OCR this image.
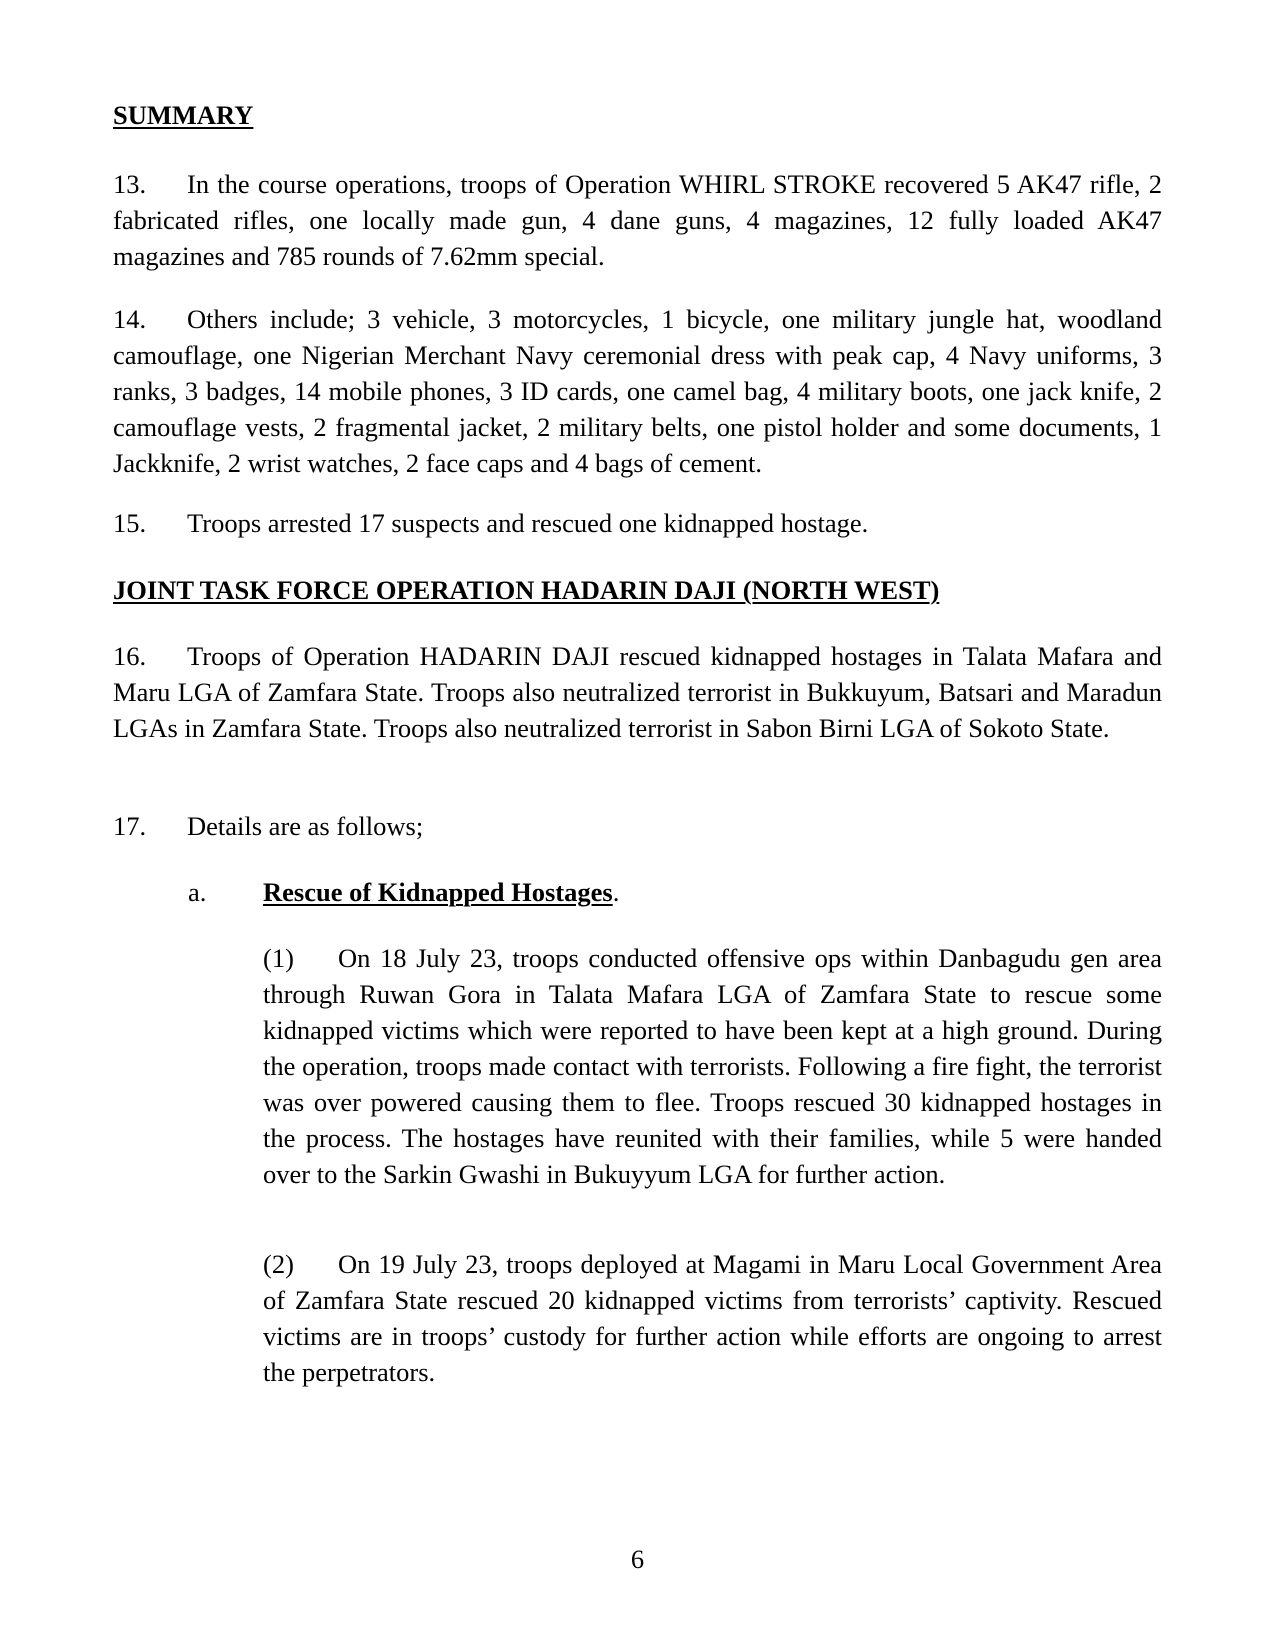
SUMMARY

13. In the course operations, troops of Operation WHIRL STROKE recovered 5 AK47 rifle, 2 fabricated rifles, one locally made gun, 4 dane guns, 4 magazines, 12 fully loaded AK47 magazines and 785 rounds of 7.62mm special.

14. Others include; 3 vehicle, 3 motorcycles, 1 bicycle, one military jungle hat, woodland camouflage, one Nigerian Merchant Navy ceremonial dress with peak cap, 4 Navy uniforms, 3 ranks, 3 badges, 14 mobile phones, 3 ID cards, one camel bag, 4 military boots, one jack knife, 2 camouflage vests, 2 fragmental jacket, 2 military belts, one pistol holder and some documents, 1 Jackknife, 2 wrist watches, 2 face caps and 4 bags of cement.

15. Troops arrested 17 suspects and rescued one kidnapped hostage.

JOINT TASK FORCE OPERATION HADARIN DAJI (NORTH WEST)

16. Troops of Operation HADARIN DAJI rescued kidnapped hostages in Talata Mafara and Maru LGA of Zamfara State. Troops also neutralized terrorist in Bukkuyum, Batsari and Maradun LGAs in Zamfara State. Troops also neutralized terrorist in Sabon Birni LGA of Sokoto State.

17. Details are as follows;

a. Rescue of Kidnapped Hostages.

(1) On 18 July 23, troops conducted offensive ops within Danbagudu gen area through Ruwan Gora in Talata Mafara LGA of Zamfara State to rescue some kidnapped victims which were reported to have been kept at a high ground. During the operation, troops made contact with terrorists. Following a fire fight, the terrorist was over powered causing them to flee. Troops rescued 30 kidnapped hostages in the process. The hostages have reunited with their families, while 5 were handed over to the Sarkin Gwashi in Bukuyyum LGA for further action.

(2) On 19 July 23, troops deployed at Magami in Maru Local Government Area of Zamfara State rescued 20 kidnapped victims from terrorists’ captivity. Rescued victims are in troops’ custody for further action while efforts are ongoing to arrest the perpetrators.

6
